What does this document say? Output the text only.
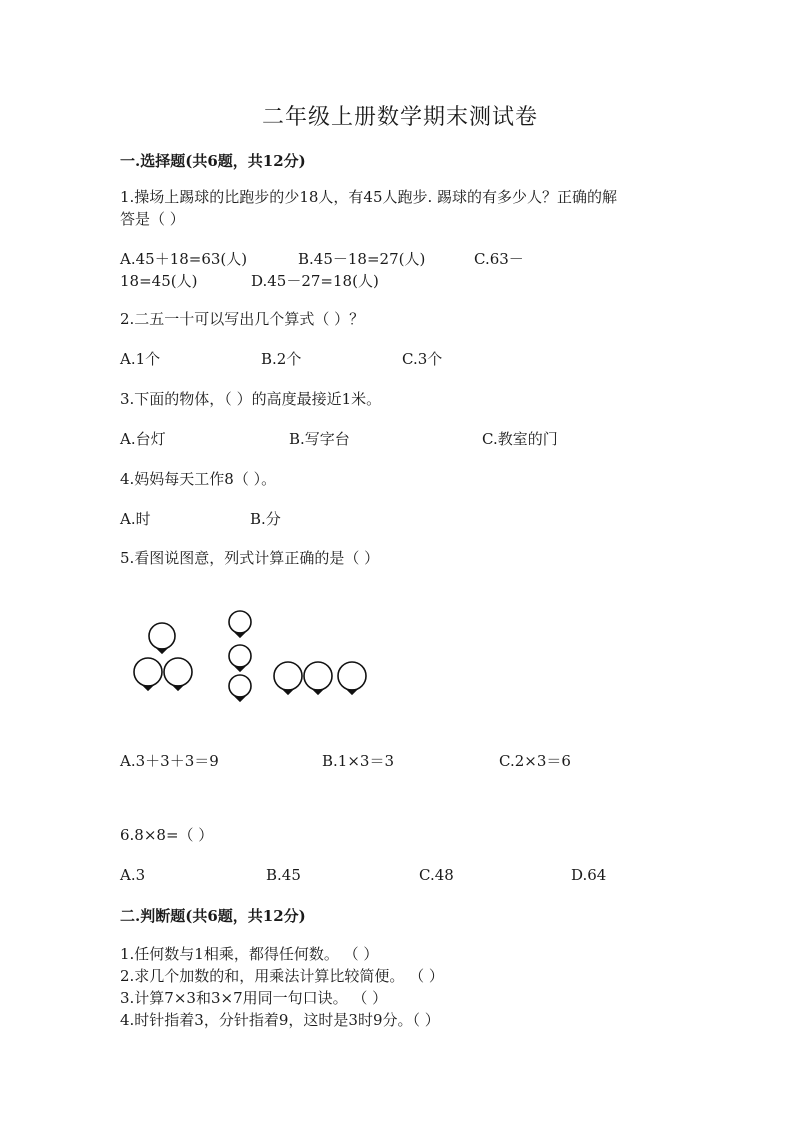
二年级上册数学期末测试卷
一.选择题(共6题，共12分)
1.操场上踢球的比跑步的少18人，有45人跑步. 踢球的有多少人？正确的解
答是（ ）
A.45＋18=63(人)	B.45－18=27(人)	C.63－
18=45(人)	D.45－27=18(人)
2.二五一十可以写出几个算式（ ）？
A.1个	B.2个	C.3个
3.下面的物体，（ ）的高度最接近1米。
A.台灯	B.写字台	C.教室的门
4.妈妈每天工作8（ ）。
A.时	B.分
5.看图说图意，列式计算正确的是（ ）
A.3＋3＋3＝9	B.1×3＝3	C.2×3＝6
6.8×8=（ ）
A.3	B.45	C.48	D.64
二.判断题(共6题，共12分)
1.任何数与1相乘，都得任何数。 （ ）
2.求几个加数的和，用乘法计算比较简便。 （ ）
3.计算7×3和3×7用同一句口诀。 （ ）
4.时针指着3，分针指着9，这时是3时9分。（ ）
